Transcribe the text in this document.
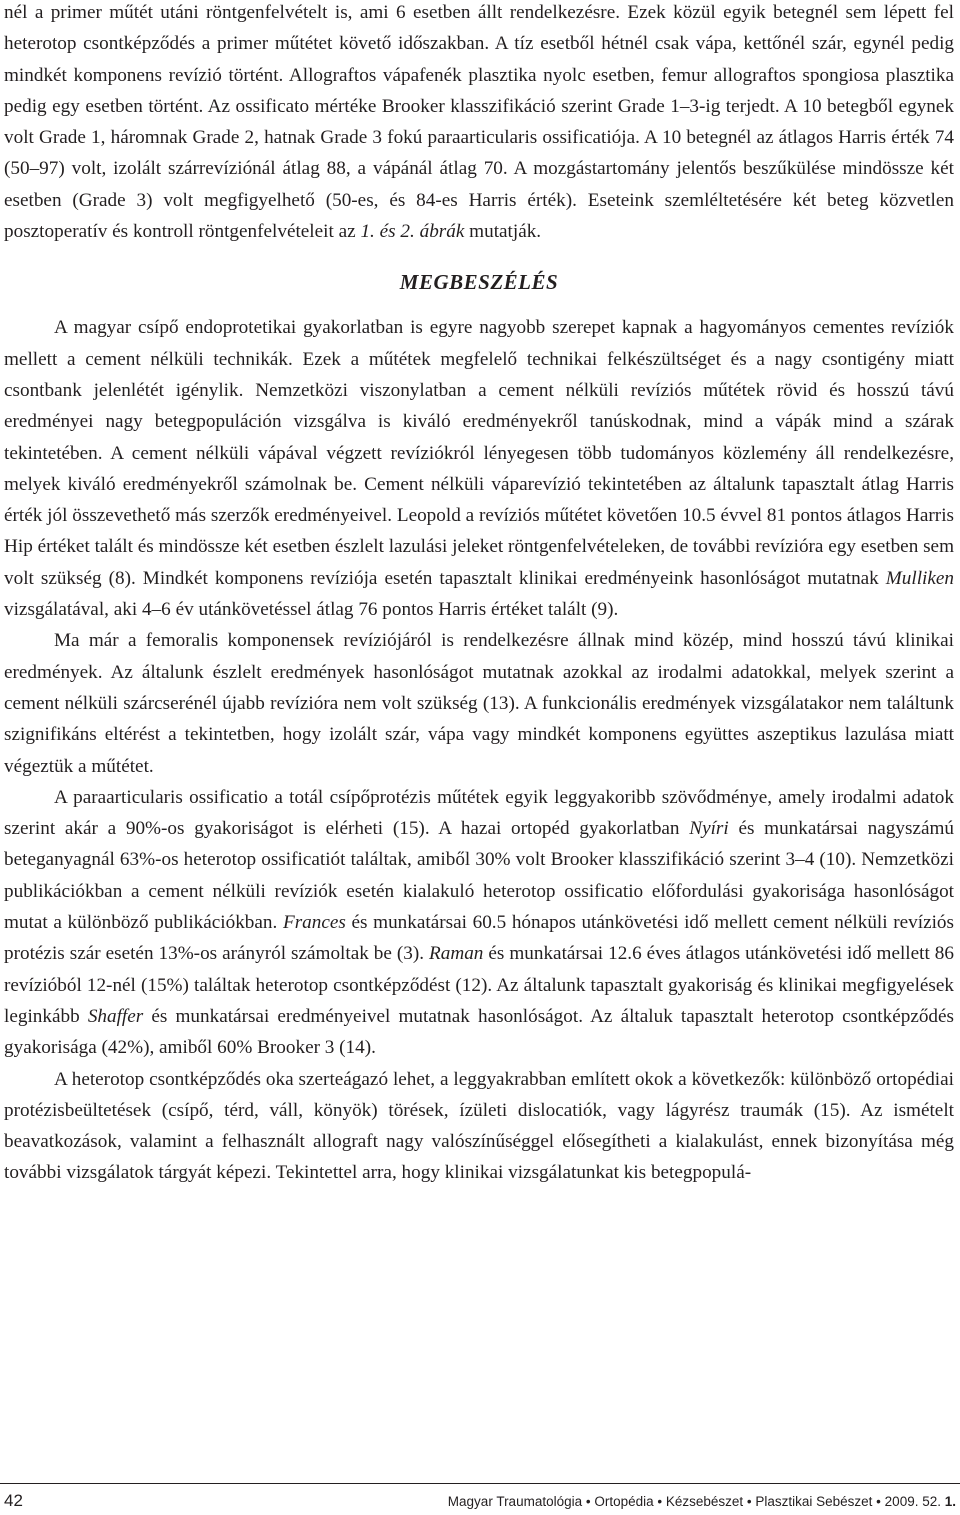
nél a primer műtét utáni röntgenfelvételt is, ami 6 esetben állt rendelkezésre. Ezek közül egyik betegnél sem lépett fel heterotop csontképződés a primer műtétet követő időszakban. A tíz esetből hétnél csak vápa, kettőnél szár, egynél pedig mindkét komponens revízió történt. Allograftos vápafenék plasztika nyolc esetben, femur allograftos spongiosa plasztika pedig egy esetben történt. Az ossificato mértéke Brooker klasszifikáció szerint Grade 1–3-ig terjedt. A 10 betegből egynek volt Grade 1, háromnak Grade 2, hatnak Grade 3 fokú paraarticularis ossificatiója. A 10 betegnél az átlagos Harris érték 74 (50–97) volt, izolált szárrevíziónál átlag 88, a vápánál átlag 70. A mozgástartomány jelentős beszűkülése mindössze két esetben (Grade 3) volt megfigyelhető (50-es, és 84-es Harris érték). Eseteink szemléltetésére két beteg közvetlen posztoperatív és kontroll röntgenfelvételeit az 1. és 2. ábrák mutatják.

MEGBESZÉLÉS

A magyar csípő endoprotetikai gyakorlatban is egyre nagyobb szerepet kapnak a hagyományos cementes revíziók mellett a cement nélküli technikák. Ezek a műtétek megfelelő technikai felkészültséget és a nagy csontigény miatt csontbank jelenlétét igénylik. Nemzetközi viszonylatban a cement nélküli revíziós műtétek rövid és hosszú távú eredményei nagy betegpopuláción vizsgálva is kiváló eredményekről tanúskodnak, mind a vápák mind a szárak tekintetében. A cement nélküli vápával végzett revíziókról lényegesen több tudományos közlemény áll rendelkezésre, melyek kiváló eredményekről számolnak be. Cement nélküli váparevízió tekintetében az általunk tapasztalt átlag Harris érték jól összevethető más szerzők eredményeivel. Leopold a revíziós műtétet követően 10.5 évvel 81 pontos átlagos Harris Hip értéket talált és mindössze két esetben észlelt lazulási jeleket röntgenfelvételeken, de további revízióra egy esetben sem volt szükség (8). Mindkét komponens revíziója esetén tapasztalt klinikai eredményeink hasonlóságot mutatnak Mulliken vizsgálatával, aki 4–6 év utánkövetéssel átlag 76 pontos Harris értéket talált (9).

Ma már a femoralis komponensek revíziójáról is rendelkezésre állnak mind közép, mind hosszú távú klinikai eredmények. Az általunk észlelt eredmények hasonlóságot mutatnak azokkal az irodalmi adatokkal, melyek szerint a cement nélküli szárcserénél újabb revízióra nem volt szükség (13). A funkcionális eredmények vizsgálatakor nem találtunk szignifikáns eltérést a tekintetben, hogy izolált szár, vápa vagy mindkét komponens együttes aszeptikus lazulása miatt végeztük a műtétet.

A paraarticularis ossificatio a totál csípőprotézis műtétek egyik leggyakoribb szövődménye, amely irodalmi adatok szerint akár a 90%-os gyakoriságot is elérheti (15). A hazai ortopéd gyakorlatban Nyíri és munkatársai nagyszámú beteganyagnál 63%-os heterotop ossificatiót találtak, amiből 30% volt Brooker klasszifikáció szerint 3–4 (10). Nemzetközi publikációkban a cement nélküli revíziók esetén kialakuló heterotop ossificatio előfordulási gyakorisága hasonlóságot mutat a különböző publikációkban. Frances és munkatársai 60.5 hónapos utánkövetési idő mellett cement nélküli revíziós protézis szár esetén 13%-os arányról számoltak be (3). Raman és munkatársai 12.6 éves átlagos utánkövetési idő mellett 86 revízióból 12-nél (15%) találtak heterotop csontképződést (12). Az általunk tapasztalt gyakoriság és klinikai megfigyelések leginkább Shaffer és munkatársai eredményeivel mutatnak hasonlóságot. Az általuk tapasztalt heterotop csontképződés gyakorisága (42%), amiből 60% Brooker 3 (14).

A heterotop csontképződés oka szerteágazó lehet, a leggyakrabban említett okok a következők: különböző ortopédiai protézisbeültetések (csípő, térd, váll, könyök) törések, ízületi dislocatiók, vagy lágyrész traumák (15). Az ismételt beavatkozások, valamint a felhasznált allograft nagy valószínűséggel elősegítheti a kialakulást, ennek bizonyítása még további vizsgálatok tárgyát képezi. Tekintettel arra, hogy klinikai vizsgálatunkat kis betegpopulá-

42	Magyar Traumatológia • Ortopédia • Kézsebészet • Plasztikai Sebészet • 2009. 52. 1.
